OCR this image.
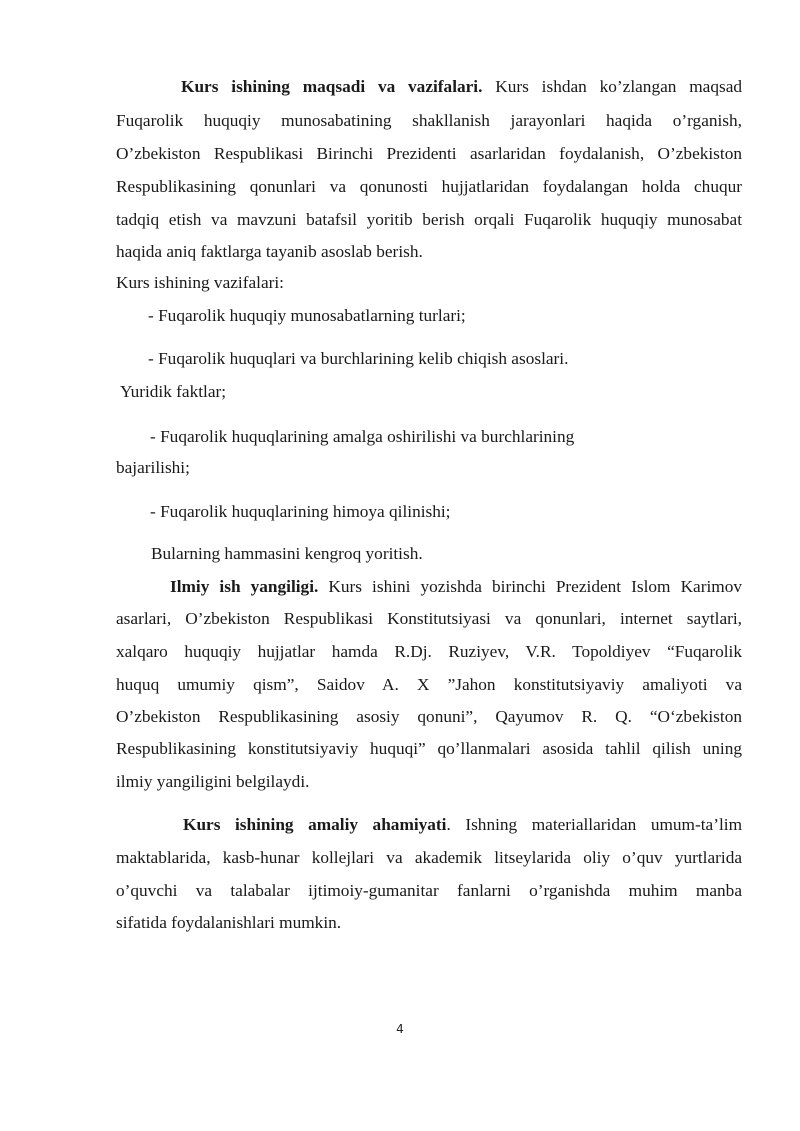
Kurs ishining maqsadi va vazifalari. Kurs ishdan ko’zlangan maqsad
Fuqarolik huquqiy munosabatining shakllanish jarayonlari haqida o’rganish,
O’zbekiston Respublikasi Birinchi Prezidenti asarlaridan foydalanish, O’zbekiston
Respublikasining qonunlari va qonunosti hujjatlaridan foydalangan holda chuqur
tadqiq etish va mavzuni batafsil yoritib berish orqali Fuqarolik huquqiy munosabat
haqida aniq faktlarga tayanib asoslab berish.
Kurs ishining vazifalari:
- Fuqarolik huquqiy munosabatlarning turlari;
- Fuqarolik huquqlari va burchlarining kelib chiqish asoslari.
Yuridik faktlar;
- Fuqarolik huquqlarining amalga oshirilishi va burchlarining
bajarilishi;
- Fuqarolik huquqlarining himoya qilinishi;
Bularning hammasini kengroq yoritish.
Ilmiy ish yangiligi. Kurs ishini yozishda birinchi Prezident Islom Karimov
asarlari, O’zbekiston Respublikasi Konstitutsiyasi va qonunlari, internet saytlari,
xalqaro huquqiy hujjatlar hamda R.Dj. Ruziyev, V.R. Topoldiyev “Fuqarolik
huquq umumiy qism”, Saidov A. X ”Jahon konstitutsiyaviy amaliyoti va
O’zbekiston Respublikasining asosiy qonuni”, Qayumov R. Q. “O‘zbekiston
Respublikasining konstitutsiyaviy huquqi” qo’llanmalari asosida tahlil qilish uning
ilmiy yangiligini belgilaydi.
Kurs ishining amaliy ahamiyati. Ishning materiallaridan umum-ta’lim
maktablarida, kasb-hunar kollejlari va akademik litseylarida oliy o’quv yurtlarida
o’quvchi va talabalar ijtimoiy-gumanitar fanlarni o’rganishda muhim manba
sifatida foydalanishlari mumkin.
4
